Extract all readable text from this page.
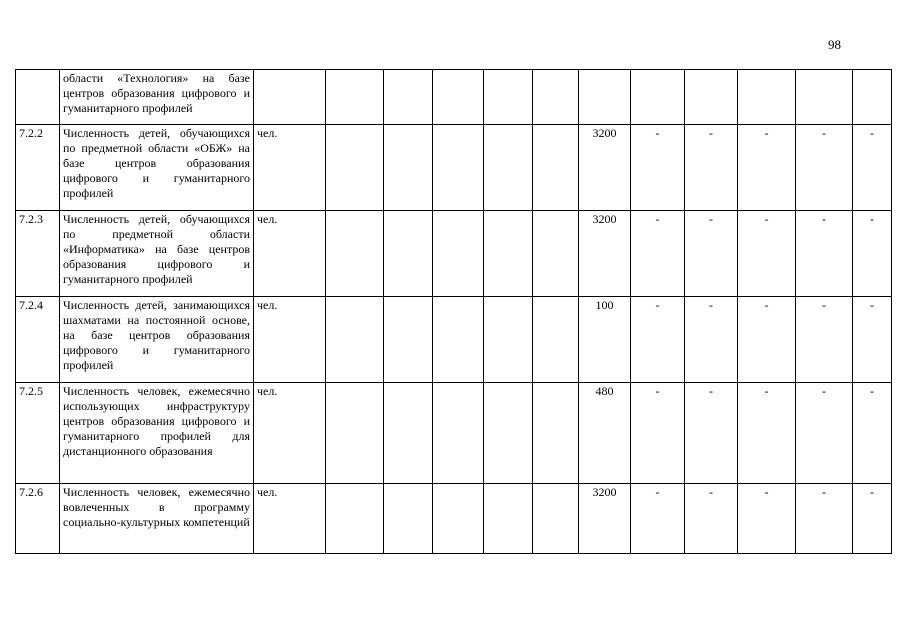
98
	области «Технология» на базе центров образования цифрового и гуманитарного профилей												
7.2.2	Численность детей, обучающихся по предметной области «ОБЖ» на базе центров образования цифрового и гуманитарного профилей	чел.						3200	-	-	-	-	-
7.2.3	Численность детей, обучающихся по предметной области «Информатика» на базе центров образования цифрового и гуманитарного профилей	чел.						3200	-	-	-	-	-
7.2.4	Численность детей, занимающихся шахматами на постоянной основе, на базе центров образования цифрового и гуманитарного профилей	чел.						100	-	-	-	-	-
7.2.5	Численность человек, ежемесячно использующих инфраструктуру центров образования цифрового и гуманитарного профилей для дистанционного образования	чел.						480	-	-	-	-	-
7.2.6	Численность человек, ежемесячно вовлеченных в программу социально-культурных компетенций	чел.						3200	-	-	-	-	-
